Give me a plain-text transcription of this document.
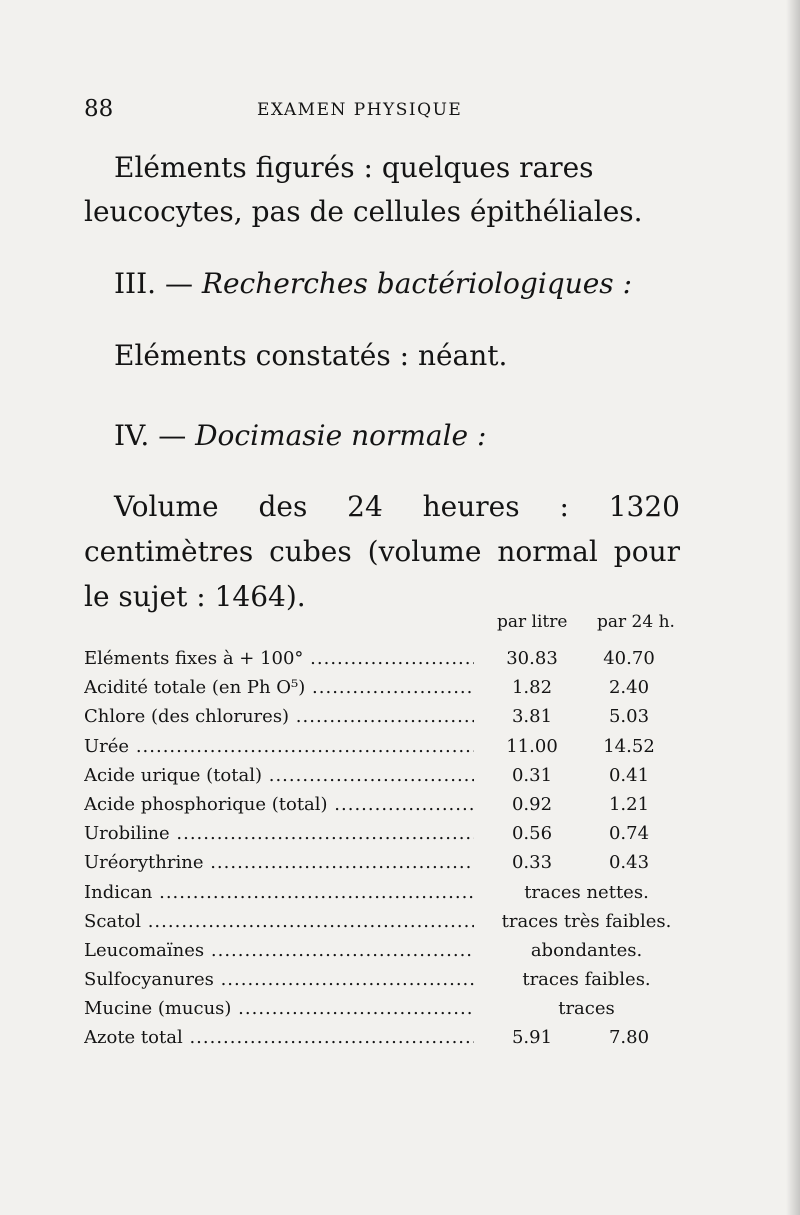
88	EXAMEN PHYSIQUE

Eléments figurés : quelques rares leucocytes, pas de cellules épithéliales.

III. — Recherches bactériologiques :

Eléments constatés : néant.

IV. — Docimasie normale :

Volume des 24 heures : 1320 centimètres cubes (volume normal pour le sujet : 1464).

par litre par 24 h.
Eléments fixes à + 100° .....	30.83	40.70
Acidité totale (en Ph O⁵) .....	1.82	2.40
Chlore (des chlorures) .....	3.81	5.03
Urée .....	11.00	14.52
Acide urique (total) .....	0.31	0.41
Acide phosphorique (total) .....	0.92	1.21
Urobiline .....	0.56	0.74
Uréorythrine .....	0.33	0.43
Indican .....	traces nettes.
Scatol .....	traces très faibles.
Leucomaïnes .....	abondantes.
Sulfocyanures .....	traces faibles.
Mucine (mucus) .....	traces
Azote total .....	5.91	7.80
